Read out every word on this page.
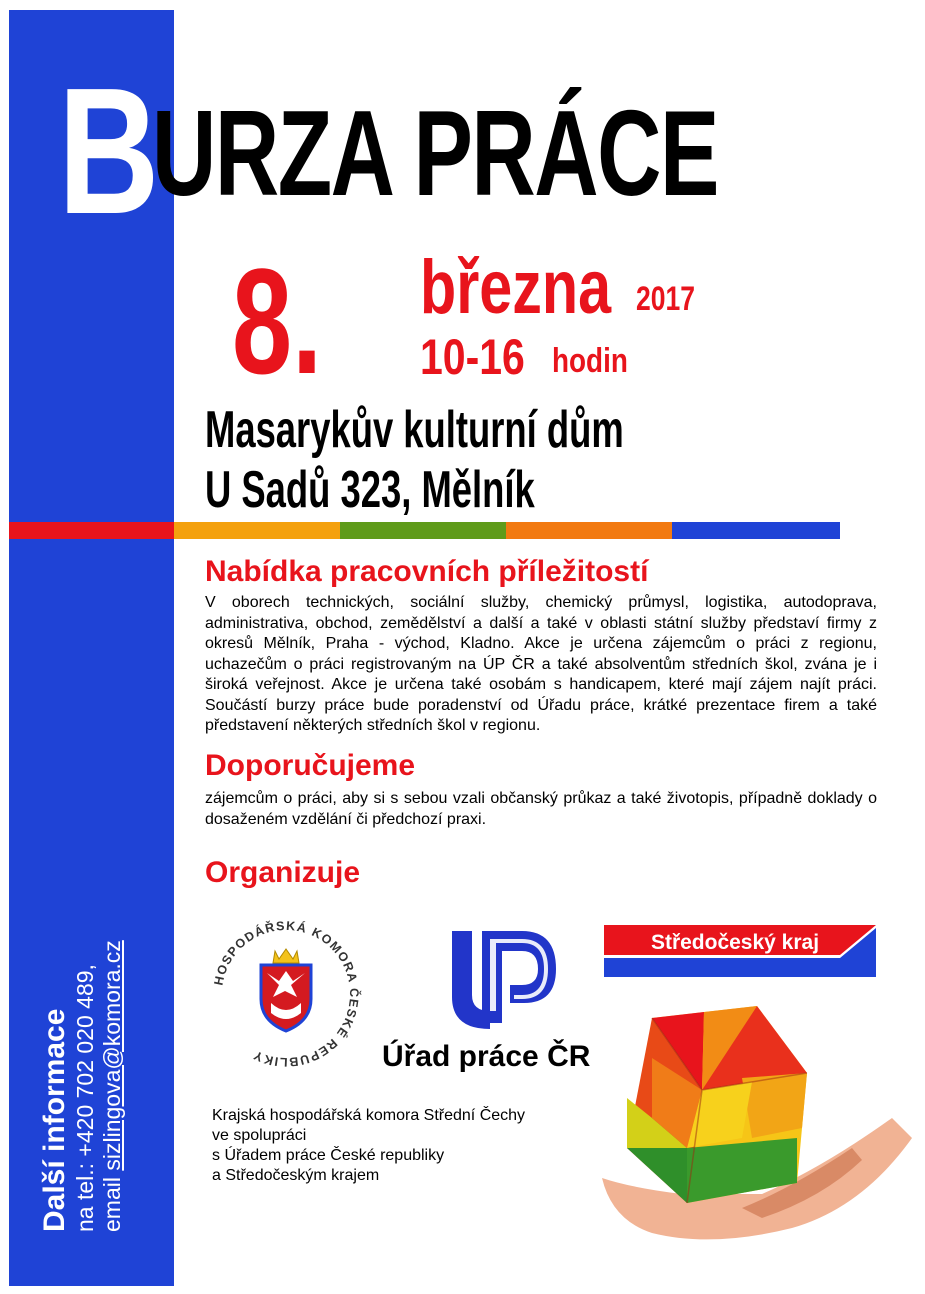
B
URZA PRÁCE
8. března 2017
10-16 hodin
Masarykův kulturní dům
U Sadů 323, Mělník
Nabídka pracovních příležitostí
V oborech technických, sociální služby, chemický průmysl, logistika, autodoprava, administrativa, obchod, zemědělství a další a také v oblasti státní služby představí firmy z okresů Mělník, Praha - východ, Kladno. Akce je určena zájemcům o práci z regionu, uchazečům o práci registrovaným na ÚP ČR a také absolventům středních škol, zvána je i široká veřejnost. Akce je určena také osobám s handicapem, které mají zájem najít práci. Součástí burzy práce bude poradenství od Úřadu práce, krátké prezentace firem a také představení některých středních škol v regionu.
Doporučujeme
zájemcům o práci, aby si s sebou vzali občanský průkaz a také životopis, případně doklady o dosaženém vzdělání či předchozí praxi.
Organizuje
Další informace na tel.: +420 702 020 489, email sizlingova@komora.cz	HOSPODÁŘSKÁ KOMORA ČESKÉ REPUBLIKY	Úřad práce ČR
Středočeský kraj
Krajská hospodářská komora Střední Čechy
ve spolupráci
s Úřadem práce České republiky
a Středočeským krajem
